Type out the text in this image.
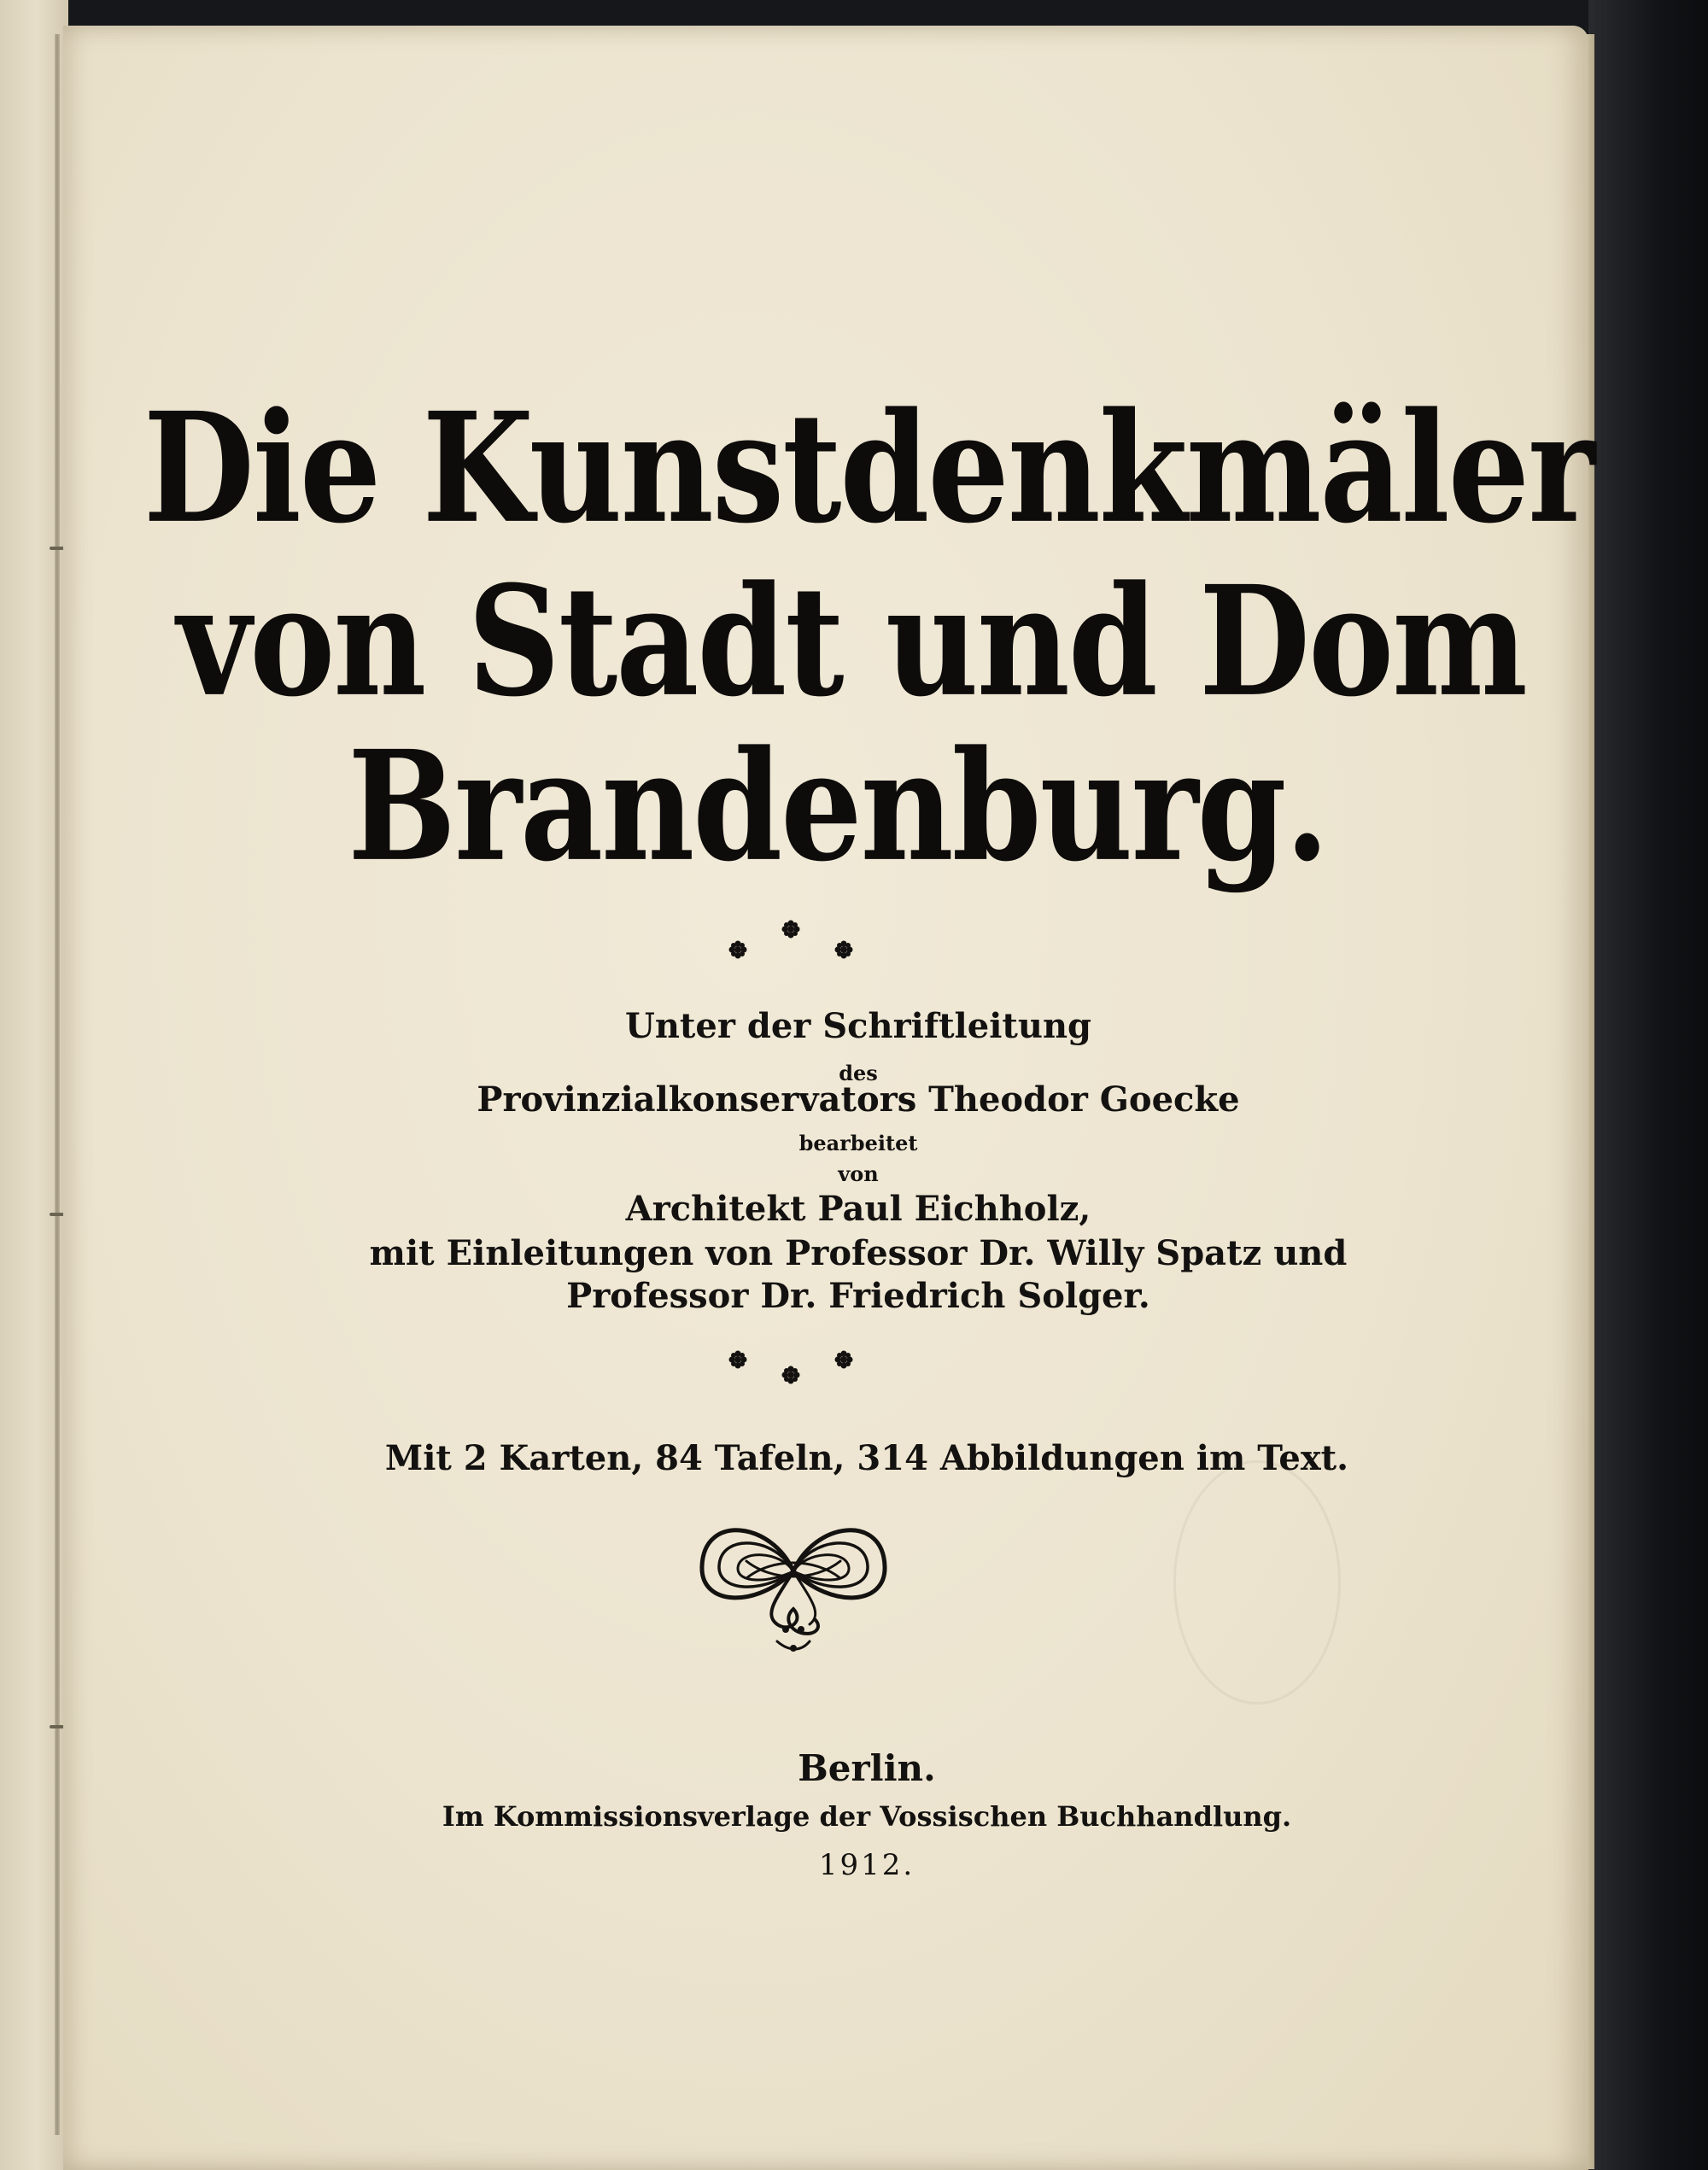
Die Kunstdenkmäler
von Stadt und Dom
Brandenburg.
Unter der Schriftleitung
des
Provinzialkonservators Theodor Goecke
bearbeitet
von
Architekt Paul Eichholz,
mit Einleitungen von Professor Dr. Willy Spatz und
Professor Dr. Friedrich Solger.
Mit 2 Karten, 84 Tafeln, 314 Abbildungen im Text.
Berlin.
Im Kommissionsverlage der Vossischen Buchhandlung.
1912.
